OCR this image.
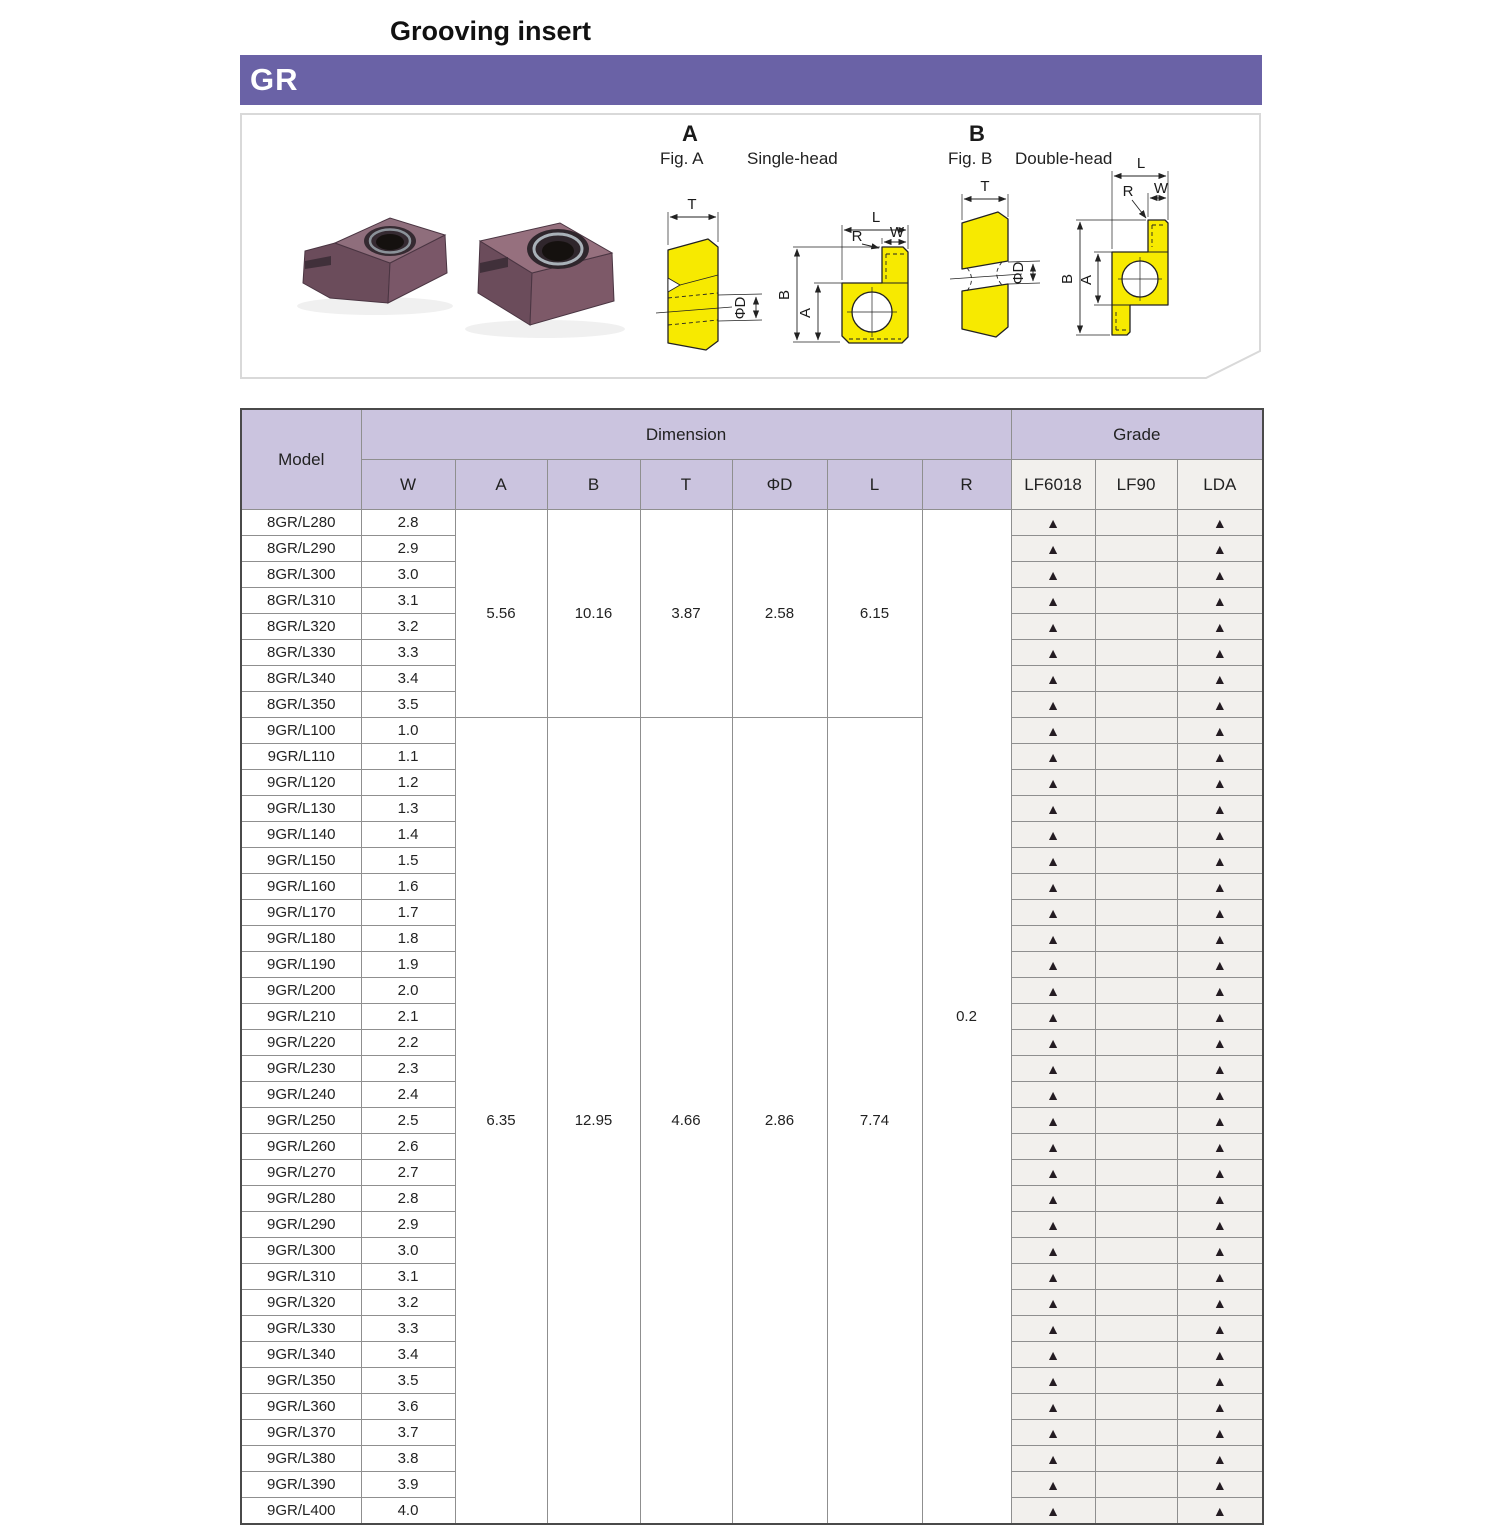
Grooving insert
GR
A
Fig. A	Single-head
T
ΦD
L
W
R
B
A
B
Fig. B Double-head
T
ΦD
L
W
R
B A
Model	Dimension							Grade		
	W	A	B	T	ΦD	L	R	LF6018	LF90	LDA
8GR/L280	2.8	5.56	10.16	3.87	2.58	6.15	0.2	▲		▲
8GR/L290	2.9							▲		▲
8GR/L300	3.0							▲		▲
8GR/L310	3.1							▲		▲
8GR/L320	3.2							▲		▲
8GR/L330	3.3							▲		▲
8GR/L340	3.4							▲		▲
8GR/L350	3.5							▲		▲
9GR/L100	1.0	6.35	12.95	4.66	2.86	7.74		▲		▲
9GR/L110	1.1							▲		▲
9GR/L120	1.2							▲		▲
9GR/L130	1.3							▲		▲
9GR/L140	1.4							▲		▲
9GR/L150	1.5							▲		▲
9GR/L160	1.6							▲		▲
9GR/L170	1.7							▲		▲
9GR/L180	1.8							▲		▲
9GR/L190	1.9							▲		▲
9GR/L200	2.0							▲		▲
9GR/L210	2.1							▲		▲
9GR/L220	2.2							▲		▲
9GR/L230	2.3							▲		▲
9GR/L240	2.4							▲		▲
9GR/L250	2.5							▲		▲
9GR/L260	2.6							▲		▲
9GR/L270	2.7							▲		▲
9GR/L280	2.8							▲		▲
9GR/L290	2.9							▲		▲
9GR/L300	3.0							▲		▲
9GR/L310	3.1							▲		▲
9GR/L320	3.2							▲		▲
9GR/L330	3.3							▲		▲
9GR/L340	3.4							▲		▲
9GR/L350	3.5							▲		▲
9GR/L360	3.6							▲		▲
9GR/L370	3.7							▲		▲
9GR/L380	3.8							▲		▲
9GR/L390	3.9							▲		▲
9GR/L400	4.0							▲		▲
